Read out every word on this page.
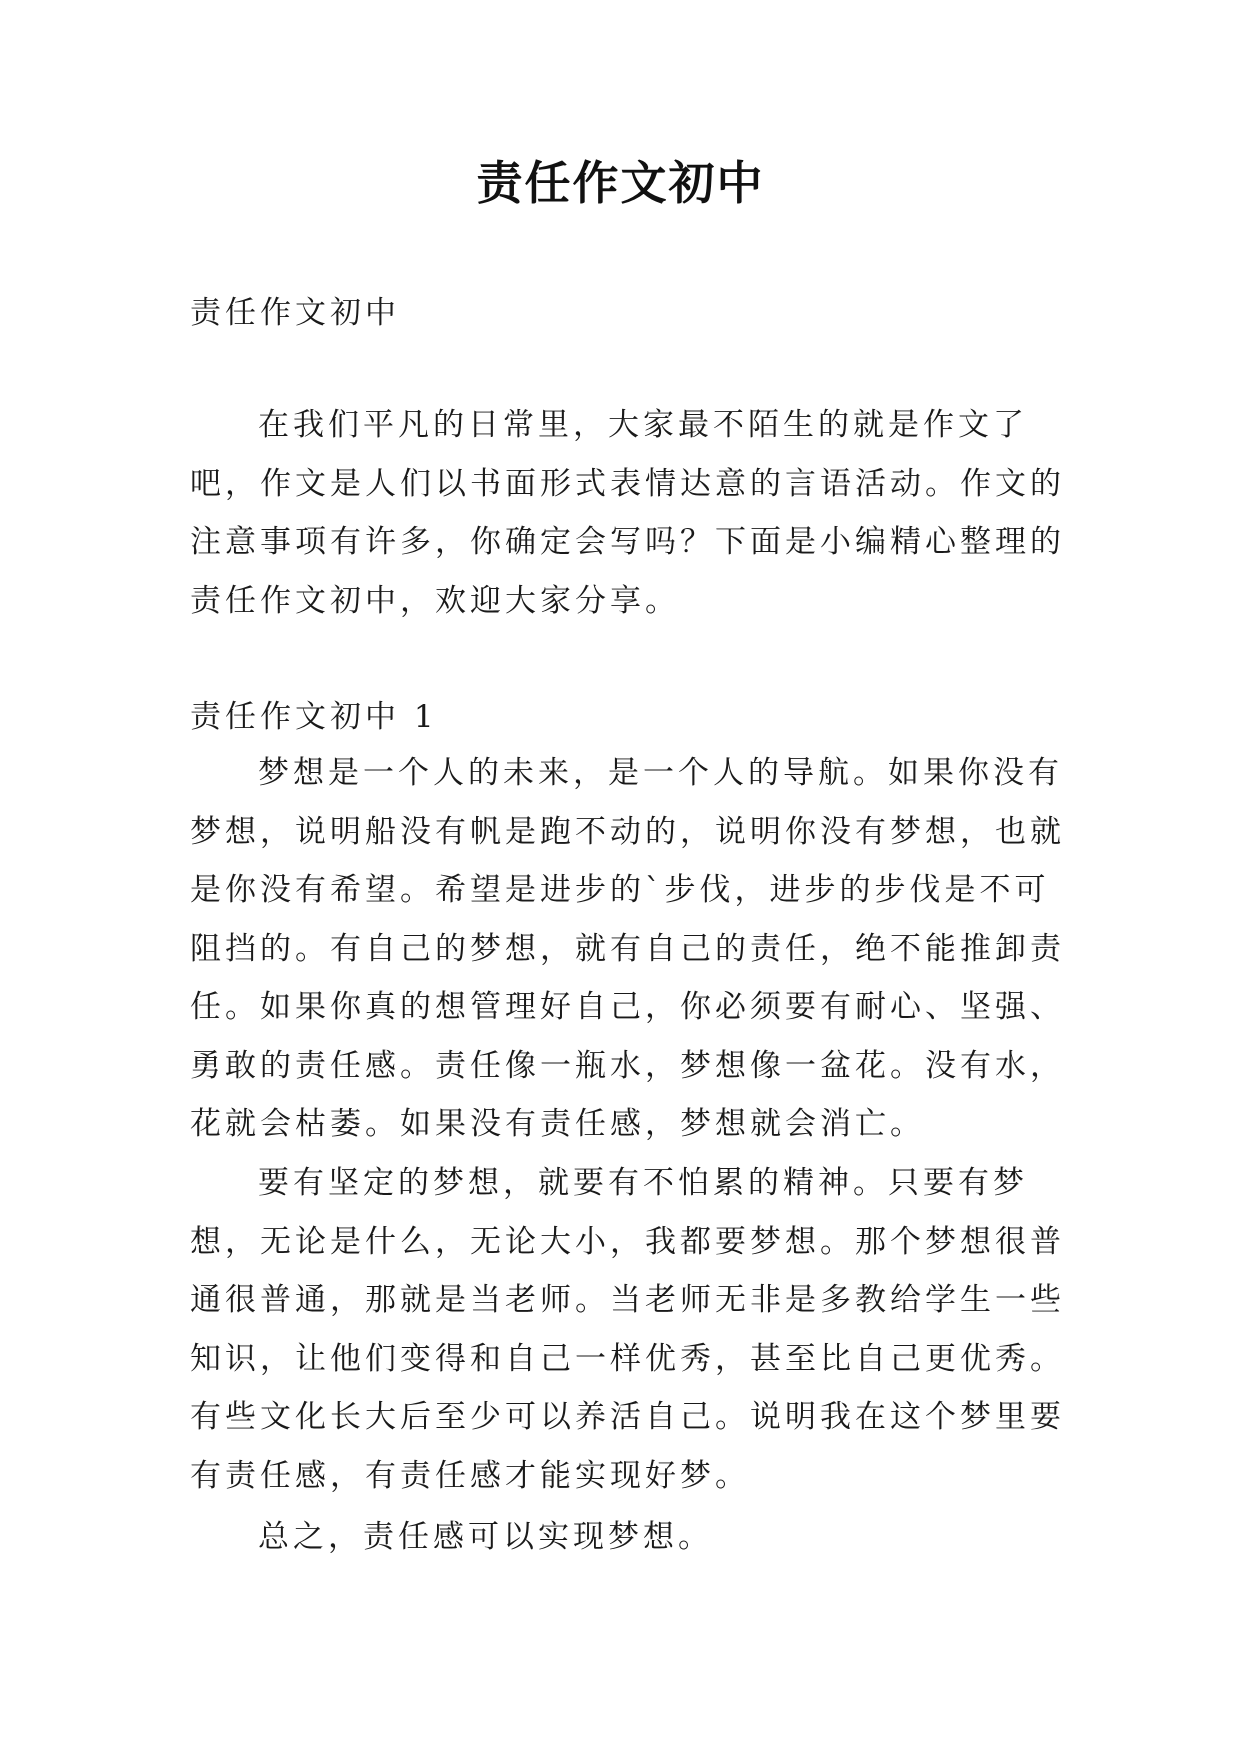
责任作文初中

责任作文初中

在我们平凡的日常里，大家最不陌生的就是作文了吧，作文是人们以书面形式表情达意的言语活动。作文的注意事项有许多，你确定会写吗？下面是小编精心整理的责任作文初中，欢迎大家分享。

责任作文初中 1

梦想是一个人的未来，是一个人的导航。如果你没有梦想，说明船没有帆是跑不动的，说明你没有梦想，也就是你没有希望。希望是进步的`步伐，进步的步伐是不可阻挡的。有自己的梦想，就有自己的责任，绝不能推卸责任。如果你真的想管理好自己，你必须要有耐心、坚强、勇敢的责任感。责任像一瓶水，梦想像一盆花。没有水，花就会枯萎。如果没有责任感，梦想就会消亡。

要有坚定的梦想，就要有不怕累的精神。只要有梦想，无论是什么，无论大小，我都要梦想。那个梦想很普通很普通，那就是当老师。当老师无非是多教给学生一些知识，让他们变得和自己一样优秀，甚至比自己更优秀。有些文化长大后至少可以养活自己。说明我在这个梦里要有责任感，有责任感才能实现好梦。

总之，责任感可以实现梦想。
